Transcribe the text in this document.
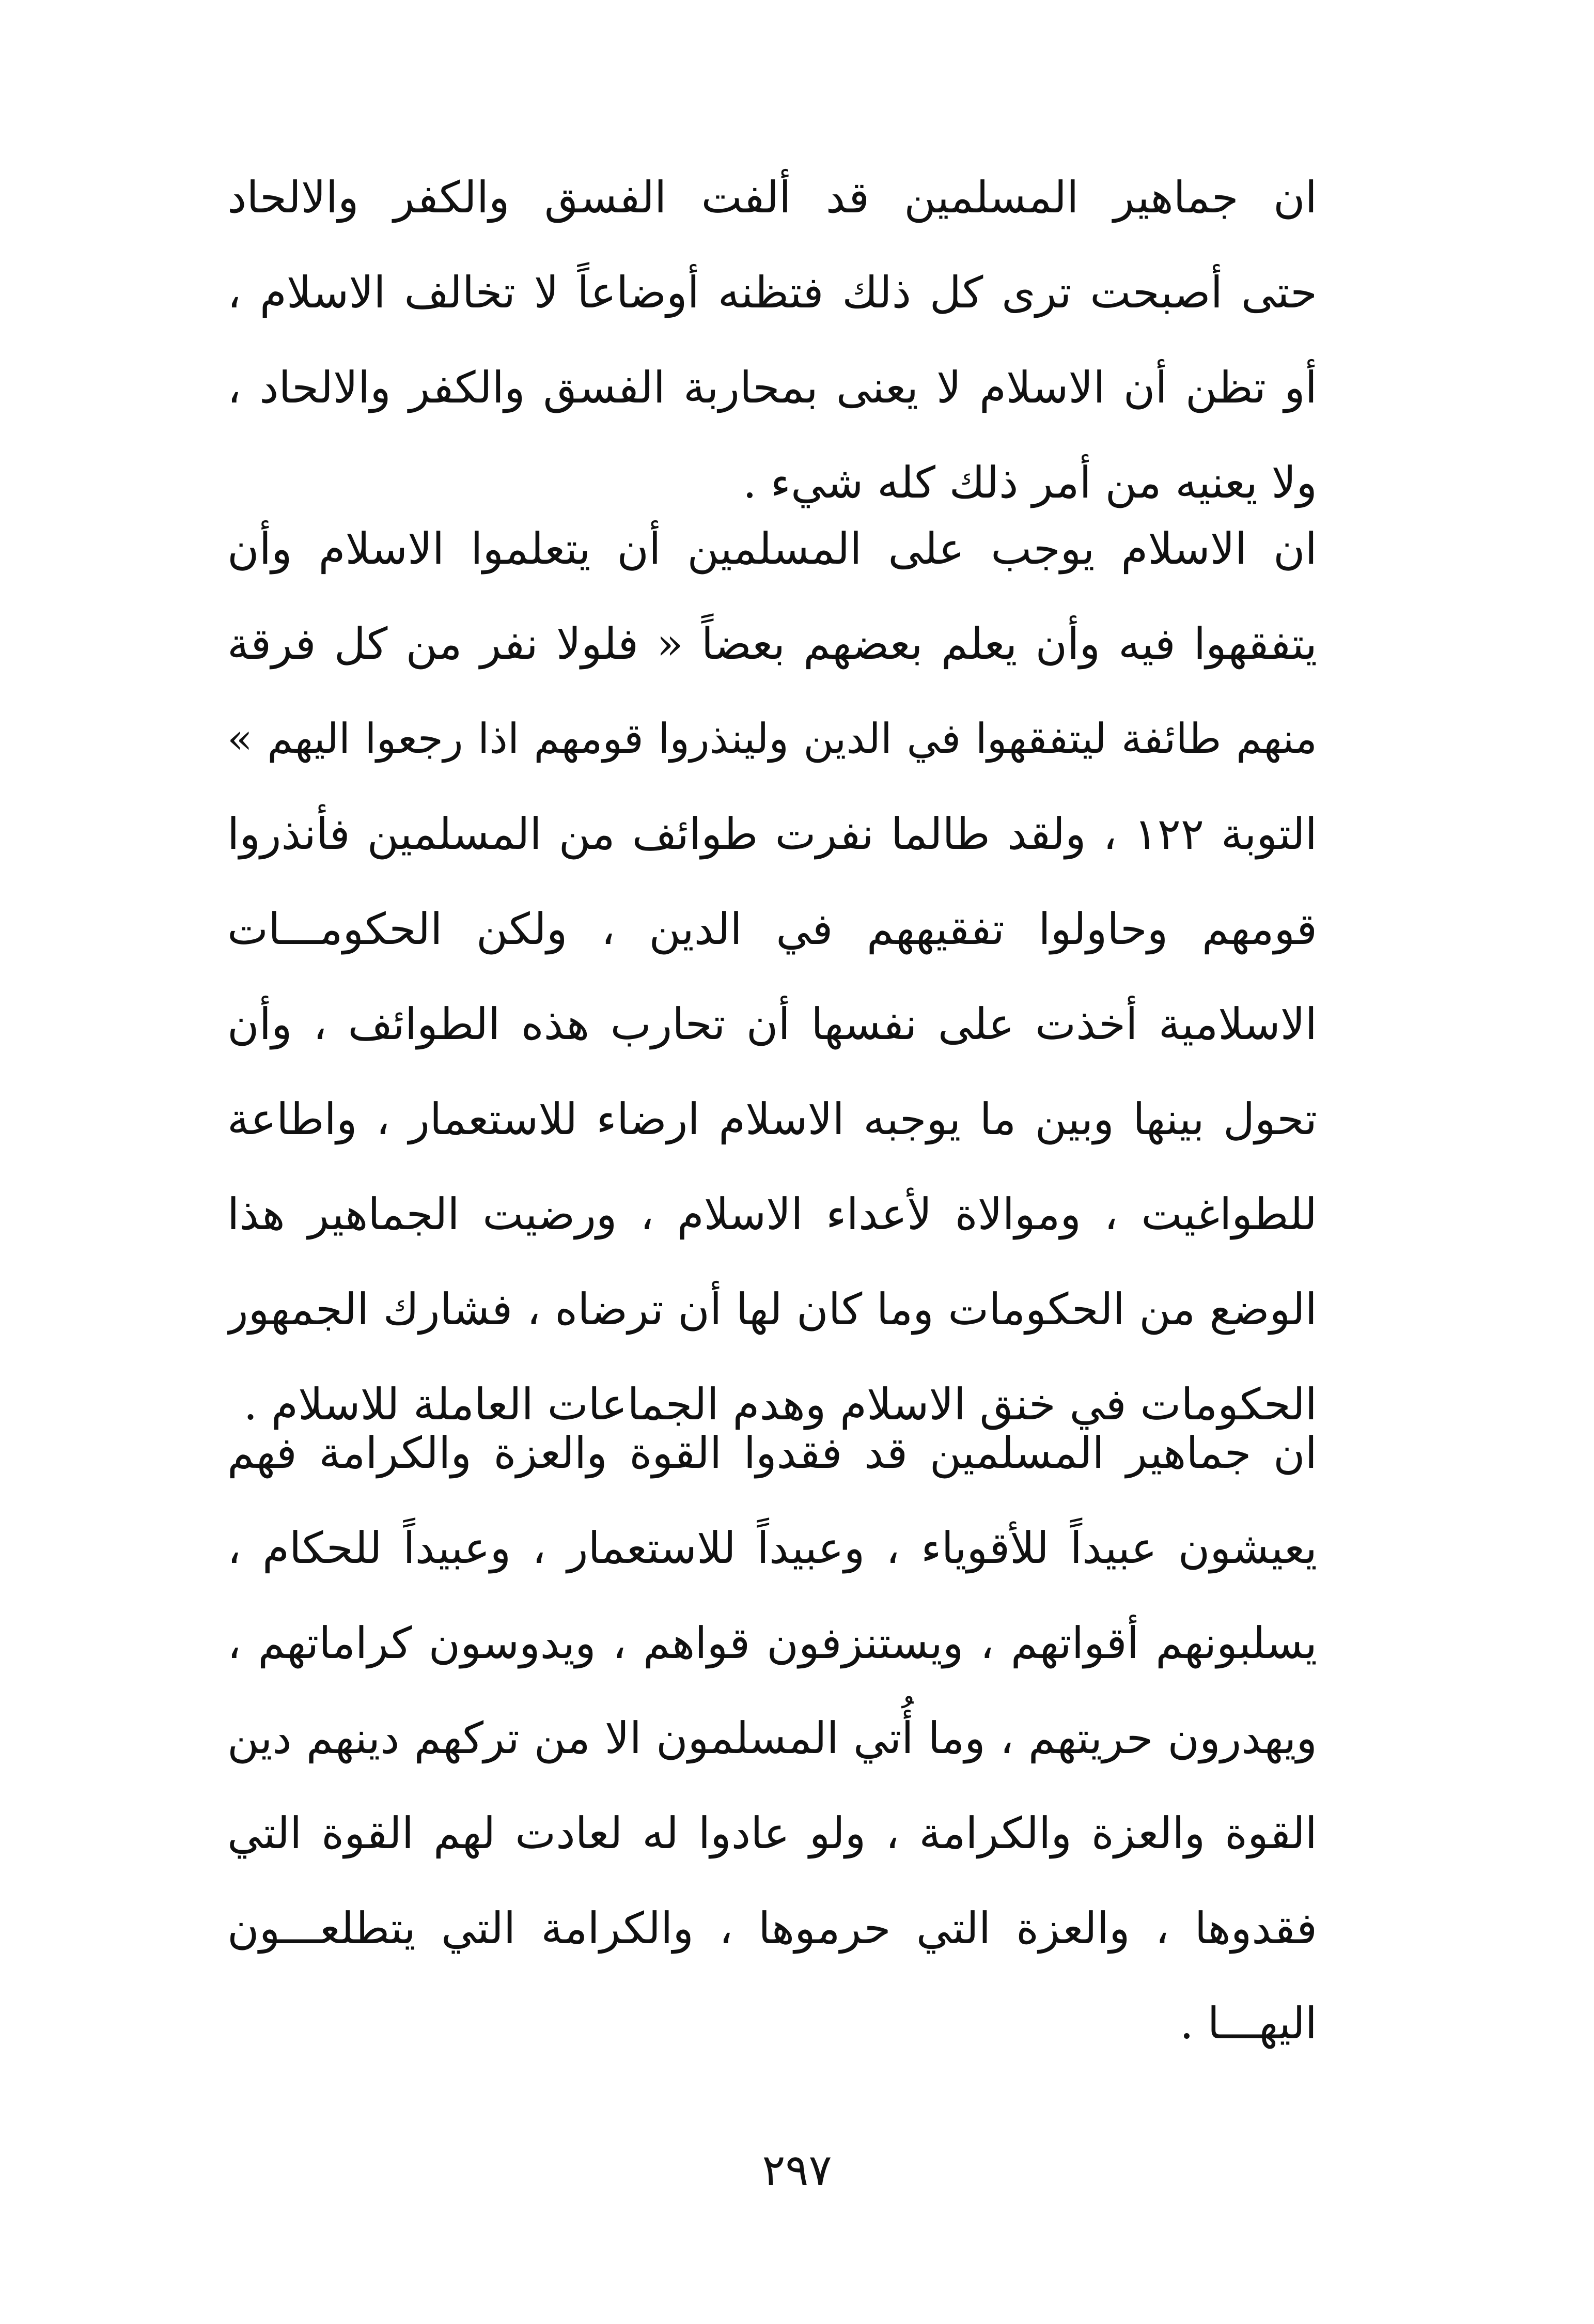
ان جماهير المسلمين قد ألفت الفسق والكفر والالحاد
حتى أصبحت ترى كل ذلك فتظنه أوضاعاً لا تخالف الاسلام ،
أو تظن أن الاسلام لا يعنى بمحاربة الفسق والكفر والالحاد ،
ولا يعنيه من أمر ذلك كله شيء .
ان الاسلام يوجب على المسلمين أن يتعلموا الاسلام وأن
يتفقهوا فيه وأن يعلم بعضهم بعضاً « فلولا نفر من كل فرقة
منهم طائفة ليتفقهوا في الدين ولينذروا قومهم اذا رجعوا اليهم »
التوبة ١٢٢ ، ولقد طالما نفرت طوائف من المسلمين فأنذروا
قومهم وحاولوا تفقيههم في الدين ، ولكن الحكومـــات
الاسلامية أخذت على نفسها أن تحارب هذه الطوائف ، وأن
تحول بينها وبين ما يوجبه الاسلام ارضاء للاستعمار ، واطاعة
للطواغيت ، وموالاة لأعداء الاسلام ، ورضيت الجماهير هذا
الوضع من الحكومات وما كان لها أن ترضاه ، فشارك الجمهور
الحكومات في خنق الاسلام وهدم الجماعات العاملة للاسلام .
ان جماهير المسلمين قد فقدوا القوة والعزة والكرامة فهم
يعيشون عبيداً للأقوياء ، وعبيداً للاستعمار ، وعبيداً للحكام ،
يسلبونهم أقواتهم ، ويستنزفون قواهم ، ويدوسون كراماتهم ،
ويهدرون حريتهم ، وما أُتي المسلمون الا من تركهم دينهم دين
القوة والعزة والكرامة ، ولو عادوا له لعادت لهم القوة التي
فقدوها ، والعزة التي حرموها ، والكرامة التي يتطلعـــون
اليهـــا .
٢٩٧
